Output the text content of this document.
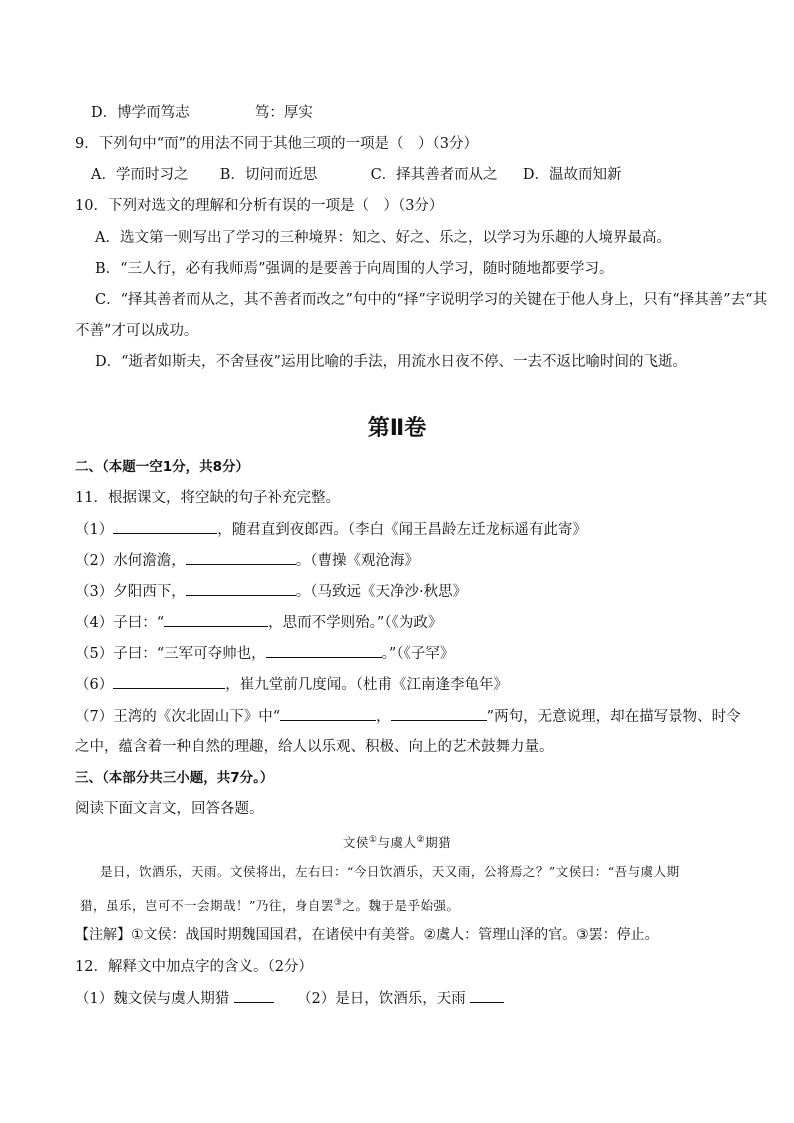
D．博学而笃志	笃：厚实
9．下列句中“而”的用法不同于其他三项的一项是（　）（3分）
A．学而时习之 B．切问而近思	C．择其善者而从之 D．温故而知新
10．下列对选文的理解和分析有误的一项是（　）（3分）
A．选文第一则写出了学习的三种境界：知之、好之、乐之，以学习为乐趣的人境界最高。
B．“三人行，必有我师焉”强调的是要善于向周围的人学习，随时随地都要学习。
C．“择其善者而从之，其不善者而改之”句中的“择”字说明学习的关键在于他人身上，只有“择其善”去“其
不善”才可以成功。
D．“逝者如斯夫，不舍昼夜”运用比喻的手法，用流水日夜不停、一去不返比喻时间的飞逝。
第Ⅱ卷
二、（本题一空1分，共8分）
11．根据课文，将空缺的句子补充完整。
（1）	，随君直到夜郎西。（李白《闻王昌龄左迁龙标遥有此寄》
（2）水何澹澹，	。（曹操《观沧海》
（3）夕阳西下，	。（马致远《天净沙·秋思》
（4）子曰：“	，思而不学则殆。”（《为政》
（5）子曰：“三军可夺帅也，	。”（《子罕》
（6）	，崔九堂前几度闻。（杜甫《江南逢李龟年》
（7）王湾的《次北固山下》中“	，	”两句，无意说理，却在描写景物、时令
之中，蕴含着一种自然的理趣，给人以乐观、积极、向上的艺术鼓舞力量。
三、（本部分共三小题，共7分。）
阅读下面文言文，回答各题。
文侯①与虞人②期猎
是日，饮酒乐，天雨。文侯将出，左右曰：“今日饮酒乐，天又雨，公将焉之？”文侯曰：“吾与虞人期
猎，虽乐，岂可不一会期哉！”乃往，身自罢③之。魏于是乎始强。
【注解】①文侯：战国时期魏国国君，在诸侯中有美誉。②虞人：管理山泽的官。③罢：停止。
12．解释文中加点字的含义。（2分）
（1）魏文侯与虞人期猎	（2）是日，饮酒乐，天雨
